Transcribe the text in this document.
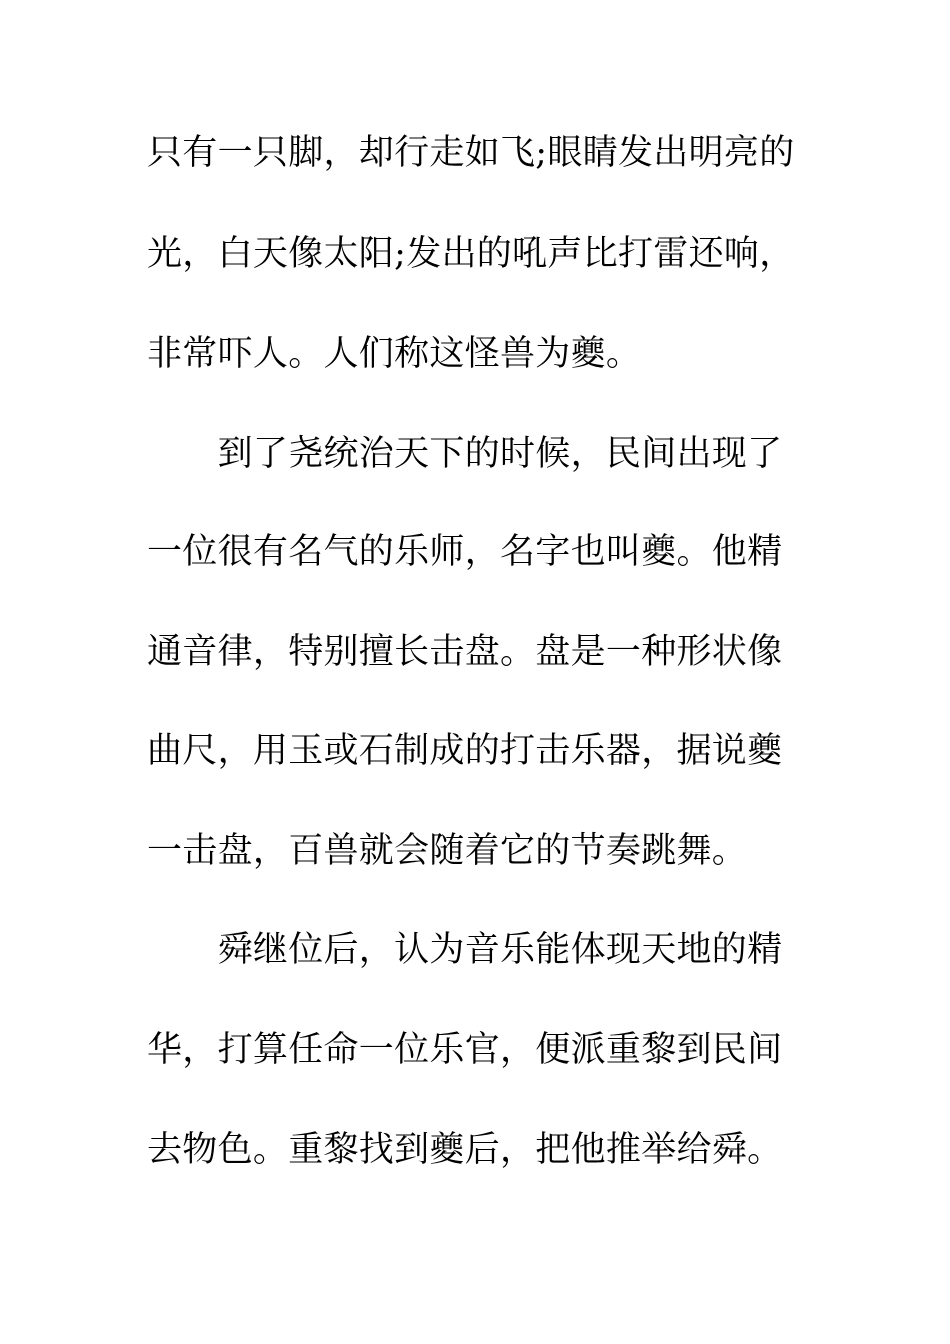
只有一只脚，却行走如飞;眼睛发出明亮的
光，白天像太阳;发出的吼声比打雷还响，
非常吓人。人们称这怪兽为夔。
　　到了尧统治天下的时候，民间出现了
一位很有名气的乐师，名字也叫夔。他精
通音律，特别擅长击盘。盘是一种形状像
曲尺，用玉或石制成的打击乐器，据说夔
一击盘，百兽就会随着它的节奏跳舞。
　　舜继位后，认为音乐能体现天地的精
华，打算任命一位乐官，便派重黎到民间
去物色。重黎找到夔后，把他推举给舜。
